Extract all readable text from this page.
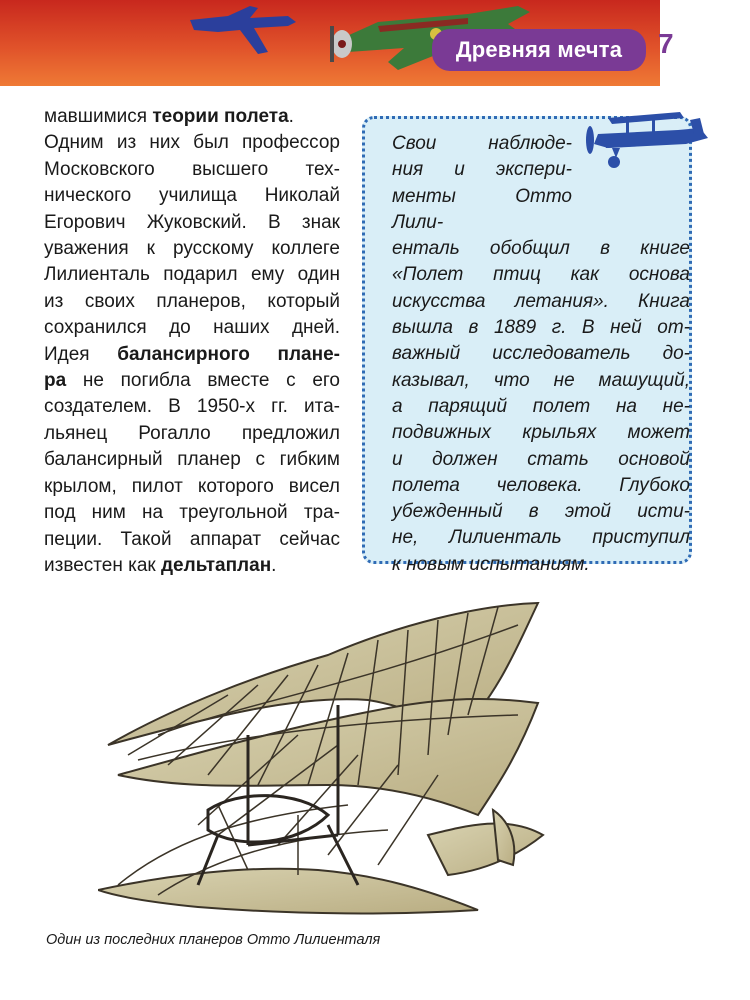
Древняя мечта	7
мавшимися теории полета.
Одним из них был профессор
Московского высшего тех-
нического училища Николай
Егорович Жуковский. В знак
уважения к русскому коллеге
Лилиенталь подарил ему один
из своих планеров, который
сохранился до наших дней.
Идея балансирного плане-
ра не погибла вместе с его
создателем. В 1950-х гг. ита-
льянец Рогалло предложил
балансирный планер с гибким
крылом, пилот которого висел
под ним на треугольной тра-
пеции. Такой аппарат сейчас
известен как дельтаплан.
Свои наблюде-
ния и экспери-
менты Отто Лили-
енталь обобщил в книге
«Полет птиц как основа
искусства летания». Книга
вышла в 1889 г. В ней от-
важный исследователь до-
казывал, что не машущий,
а парящий полет на не-
подвижных крыльях может
и должен стать основой
полета человека. Глубоко
убежденный в этой исти-
не, Лилиенталь приступил
к новым испытаниям.
Один из последних планеров Отто Лилиенталя
